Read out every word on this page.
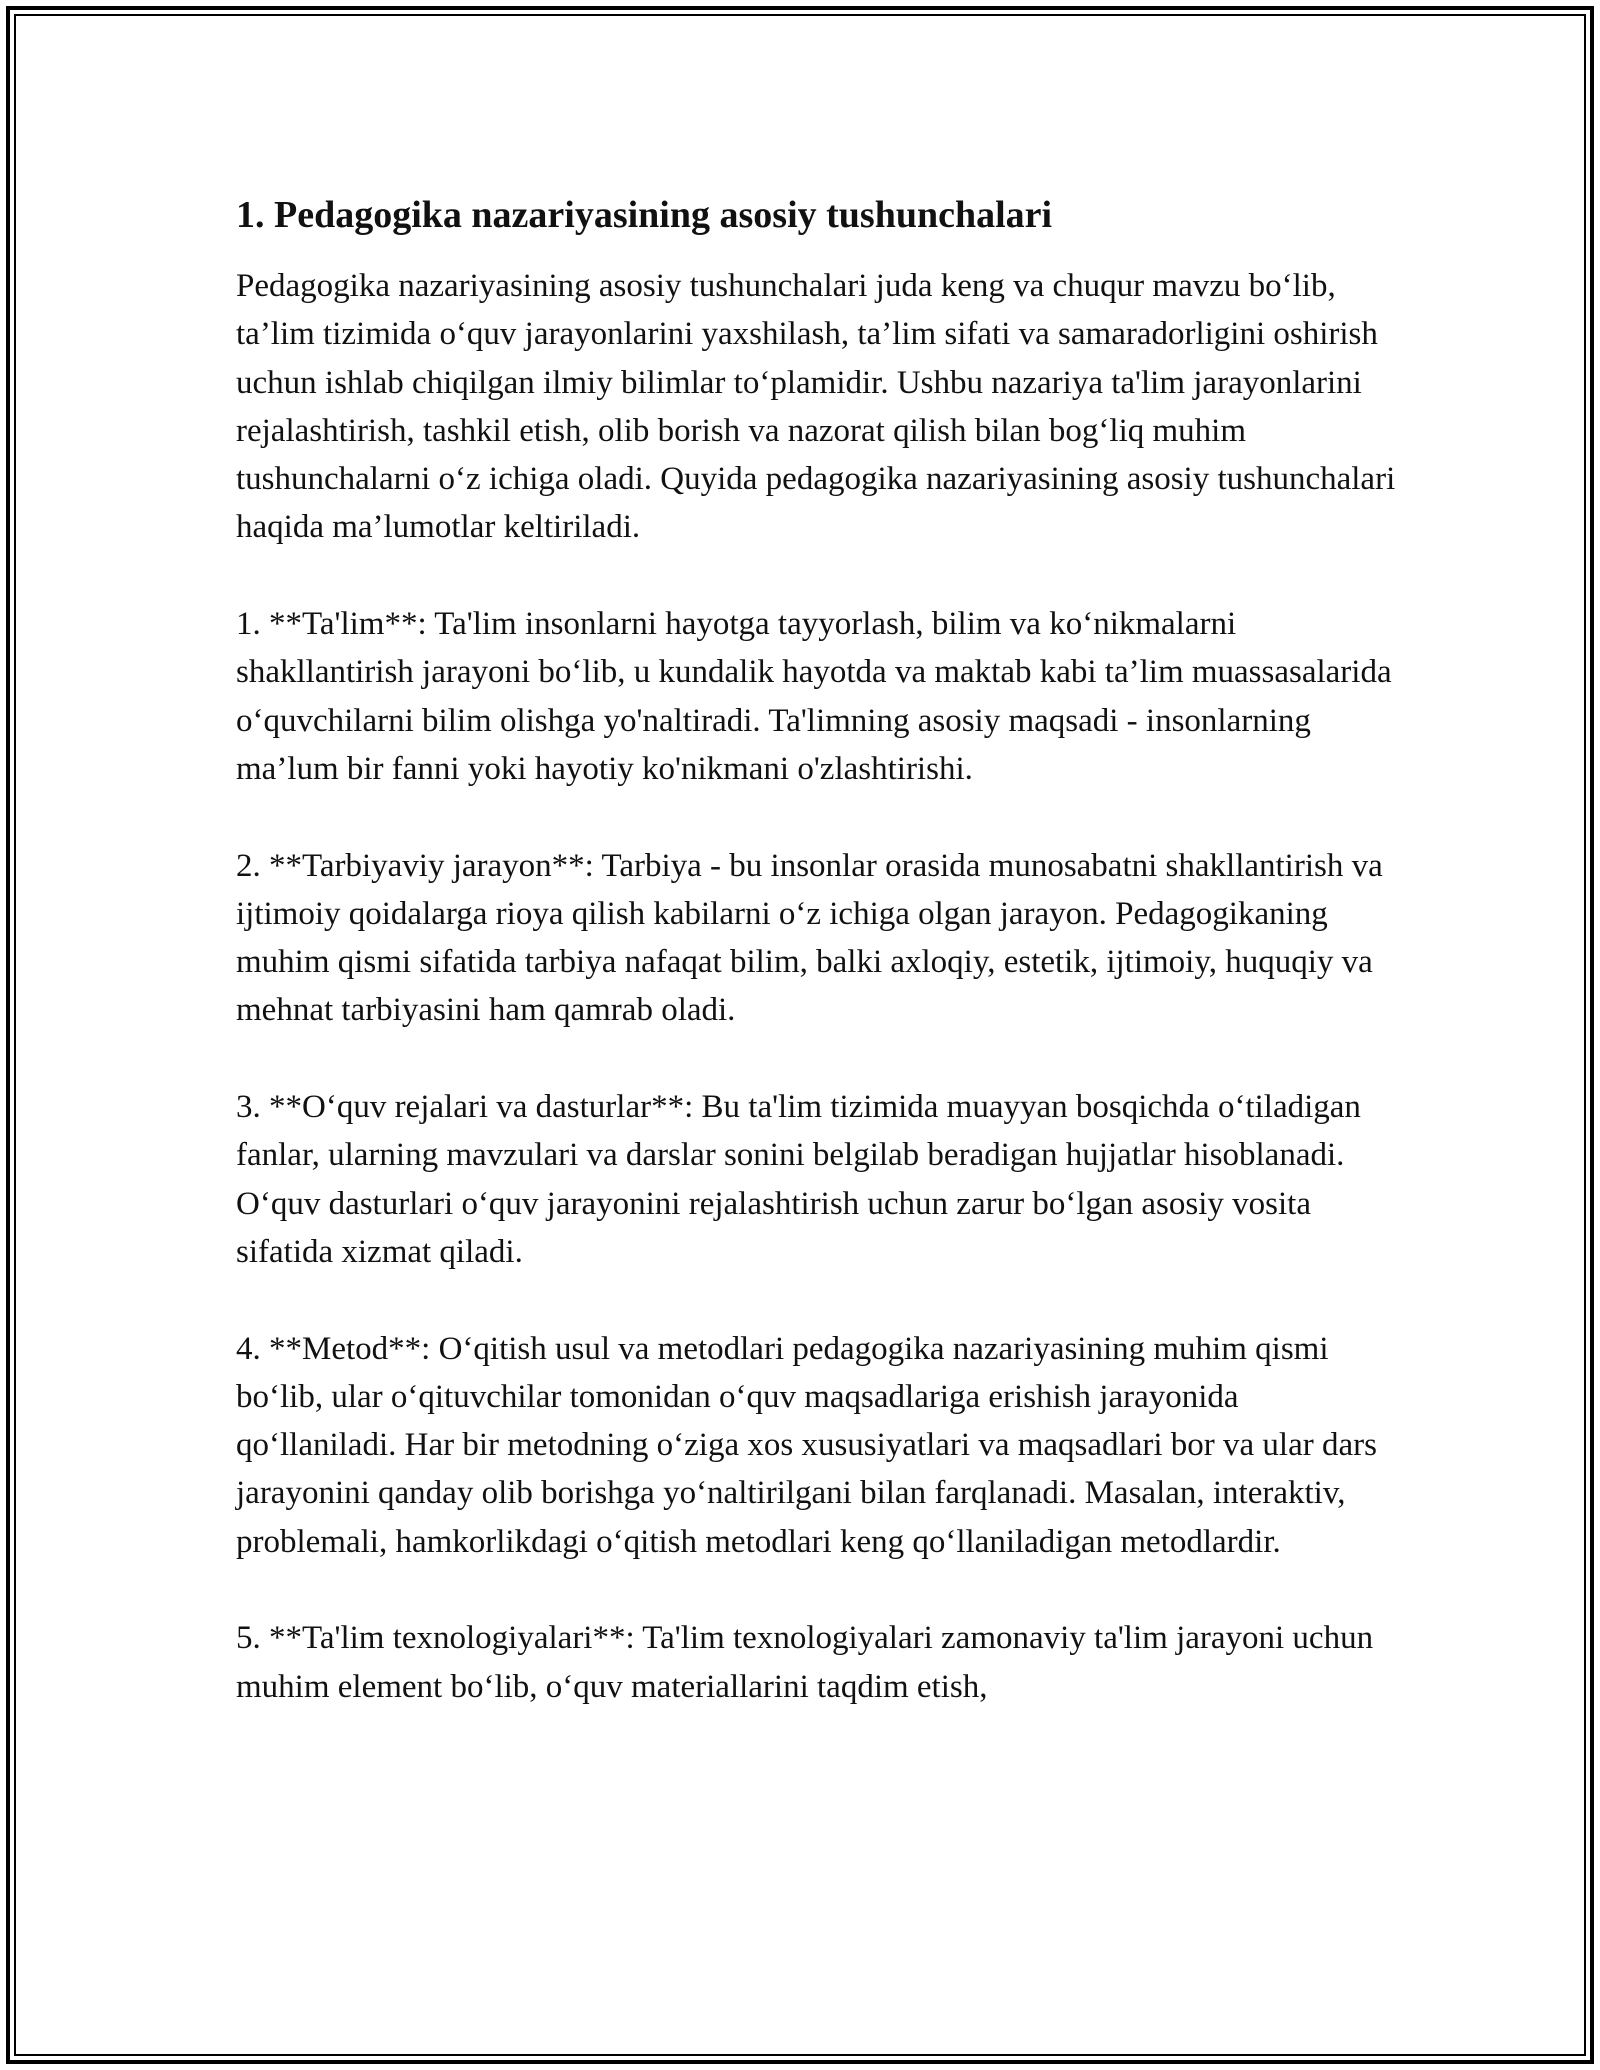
1. Pedagogika nazariyasining asosiy tushunchalari

Pedagogika nazariyasining asosiy tushunchalari juda keng va chuqur mavzu bo‘lib, ta’lim tizimida o‘quv jarayonlarini yaxshilash, ta’lim sifati va samaradorligini oshirish uchun ishlab chiqilgan ilmiy bilimlar to‘plamidir. Ushbu nazariya ta'lim jarayonlarini rejalashtirish, tashkil etish, olib borish va nazorat qilish bilan bog‘liq muhim tushunchalarni o‘z ichiga oladi. Quyida pedagogika nazariyasining asosiy tushunchalari haqida ma’lumotlar keltiriladi.

1. **Ta'lim**: Ta'lim insonlarni hayotga tayyorlash, bilim va ko‘nikmalarni shakllantirish jarayoni bo‘lib, u kundalik hayotda va maktab kabi ta’lim muassasalarida o‘quvchilarni bilim olishga yo'naltiradi. Ta'limning asosiy maqsadi - insonlarning ma’lum bir fanni yoki hayotiy ko'nikmani o'zlashtirishi.

2. **Tarbiyaviy jarayon**: Tarbiya - bu insonlar orasida munosabatni shakllantirish va ijtimoiy qoidalarga rioya qilish kabilarni o‘z ichiga olgan jarayon. Pedagogikaning muhim qismi sifatida tarbiya nafaqat bilim, balki axloqiy, estetik, ijtimoiy, huquqiy va mehnat tarbiyasini ham qamrab oladi.

3. **O‘quv rejalari va dasturlar**: Bu ta'lim tizimida muayyan bosqichda o‘tiladigan fanlar, ularning mavzulari va darslar sonini belgilab beradigan hujjatlar hisoblanadi. O‘quv dasturlari o‘quv jarayonini rejalashtirish uchun zarur bo‘lgan asosiy vosita sifatida xizmat qiladi.

4. **Metod**: O‘qitish usul va metodlari pedagogika nazariyasining muhim qismi bo‘lib, ular o‘qituvchilar tomonidan o‘quv maqsadlariga erishish jarayonida qo‘llaniladi. Har bir metodning o‘ziga xos xususiyatlari va maqsadlari bor va ular dars jarayonini qanday olib borishga yo‘naltirilgani bilan farqlanadi. Masalan, interaktiv, problemali, hamkorlikdagi o‘qitish metodlari keng qo‘llaniladigan metodlardir.

5. **Ta'lim texnologiyalari**: Ta'lim texnologiyalari zamonaviy ta'lim jarayoni uchun muhim element bo‘lib, o‘quv materiallarini taqdim etish,
